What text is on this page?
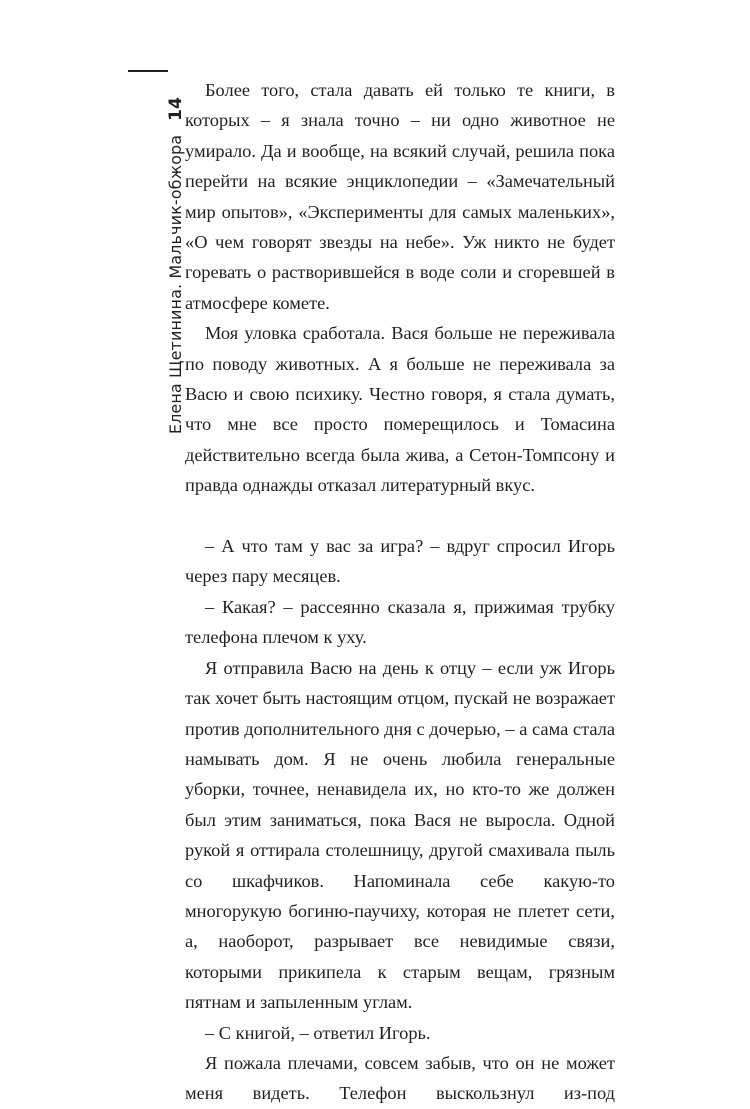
Елена Щетинина. Мальчик-обжора
14

Более того, стала давать ей только те книги, в которых – я знала точно – ни одно животное не умирало. Да и вообще, на всякий случай, решила пока перейти на всякие энциклопедии – «Замечательный мир опытов», «Эксперименты для самых маленьких», «О чем говорят звезды на небе». Уж никто не будет горевать о растворившейся в воде соли и сгоревшей в атмосфере комете.

Моя уловка сработала. Вася больше не переживала по поводу животных. А я больше не переживала за Васю и свою психику. Честно говоря, я стала думать, что мне все просто померещилось и Томасина действительно всегда была жива, а Сетон-Томпсону и правда однажды отказал литературный вкус.

– А что там у вас за игра? – вдруг спросил Игорь через пару месяцев.

– Какая? – рассеянно сказала я, прижимая трубку телефона плечом к уху.

Я отправила Васю на день к отцу – если уж Игорь так хочет быть настоящим отцом, пускай не возражает против дополнительного дня с дочерью, – а сама стала намывать дом. Я не очень любила генеральные уборки, точнее, ненавидела их, но кто-то же должен был этим заниматься, пока Вася не выросла. Одной рукой я оттирала столешницу, другой смахивала пыль со шкафчиков. Напоминала себе какую-то многорукую богиню-паучиху, которая не плетет сети, а, наоборот, разрывает все невидимые связи, которыми прикипела к старым вещам, грязным пятнам и запыленным углам.

– С книгой, – ответил Игорь.

Я пожала плечами, совсем забыв, что он не может меня видеть. Телефон выскользнул из-под
